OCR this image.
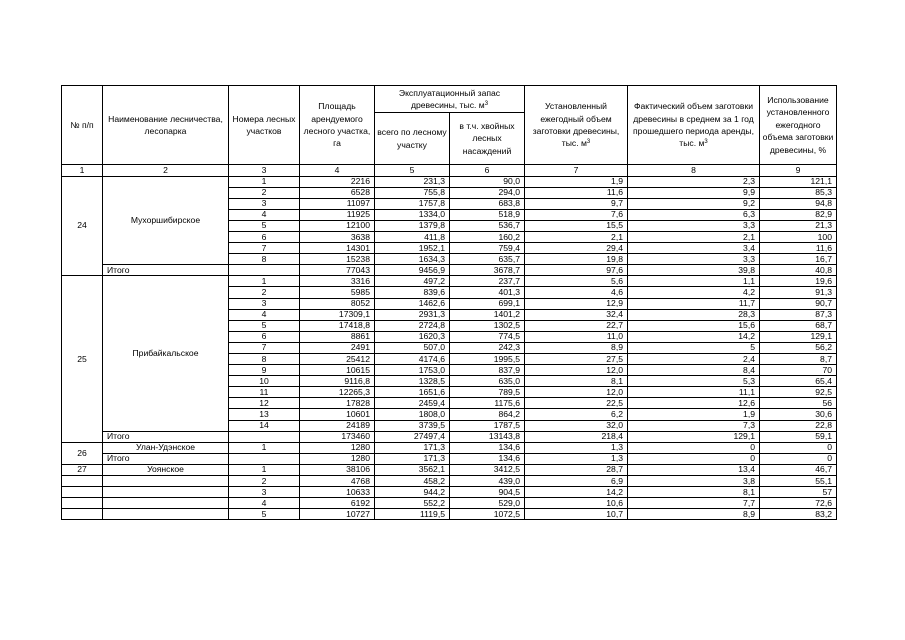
№ п/п	Наименование лесничества, лесопарка	Номера лесных участков	Площадь арендуемого лесного участка, га	Эксплуатационный запас древесины, тыс. $м^3$		Установленный ежегодный объем заготовки древесины, тыс. $м^3$	Фактический объем заготовки древесины в среднем за 1 год прошедшего периода аренды, тыс. $м^3$	Использование установленного ежегодного объема заготовки древесины, %
				всего по лесному участку	в т.ч. хвойных лесных насаждений			
1	2	3	4	5	6	7	8	9
24	Мухоршибирское	1	2216	231,3	90,0	1,9	2,3	121,1
		2	6528	755,8	294,0	11,6	9,9	85,3
		3	11097	1757,8	683,8	9,7	9,2	94,8
		4	11925	1334,0	518,9	7,6	6,3	82,9
		5	12100	1379,8	536,7	15,5	3,3	21,3
		6	3638	411,8	160,2	2,1	2,1	100
		7	14301	1952,1	759,4	29,4	3,4	11,6
		8	15238	1634,3	635,7	19,8	3,3	16,7
	Итого		77043	9456,9	3678,7	97,6	39,8	40,8
25	Прибайкальское	1	3316	497,2	237,7	5,6	1,1	19,6
		2	5985	839,6	401,3	4,6	4,2	91,3
		3	8052	1462,6	699,1	12,9	11,7	90,7
		4	17309,1	2931,3	1401,2	32,4	28,3	87,3
		5	17418,8	2724,8	1302,5	22,7	15,6	68,7
		6	8861	1620,3	774,5	11,0	14,2	129,1
		7	2491	507,0	242,3	8,9	5	56,2
		8	25412	4174,6	1995,5	27,5	2,4	8,7
		9	10615	1753,0	837,9	12,0	8,4	70
		10	9116,8	1328,5	635,0	8,1	5,3	65,4
		11	12265,3	1651,6	789,5	12,0	11,1	92,5
		12	17828	2459,4	1175,6	22,5	12,6	56
		13	10601	1808,0	864,2	6,2	1,9	30,6
		14	24189	3739,5	1787,5	32,0	7,3	22,8
	Итого		173460	27497,4	13143,8	218,4	129,1	59,1
26	Улан-Удэнское	1	1280	171,3	134,6	1,3	0	0
	Итого		1280	171,3	134,6	1,3	0	0
27	Уоянское	1	38106	3562,1	3412,5	28,7	13,4	46,7
		2	4768	458,2	439,0	6,9	3,8	55,1
		3	10633	944,2	904,5	14,2	8,1	57
		4	6192	552,2	529,0	10,6	7,7	72,6
		5	10727	1119,5	1072,5	10,7	8,9	83,2
